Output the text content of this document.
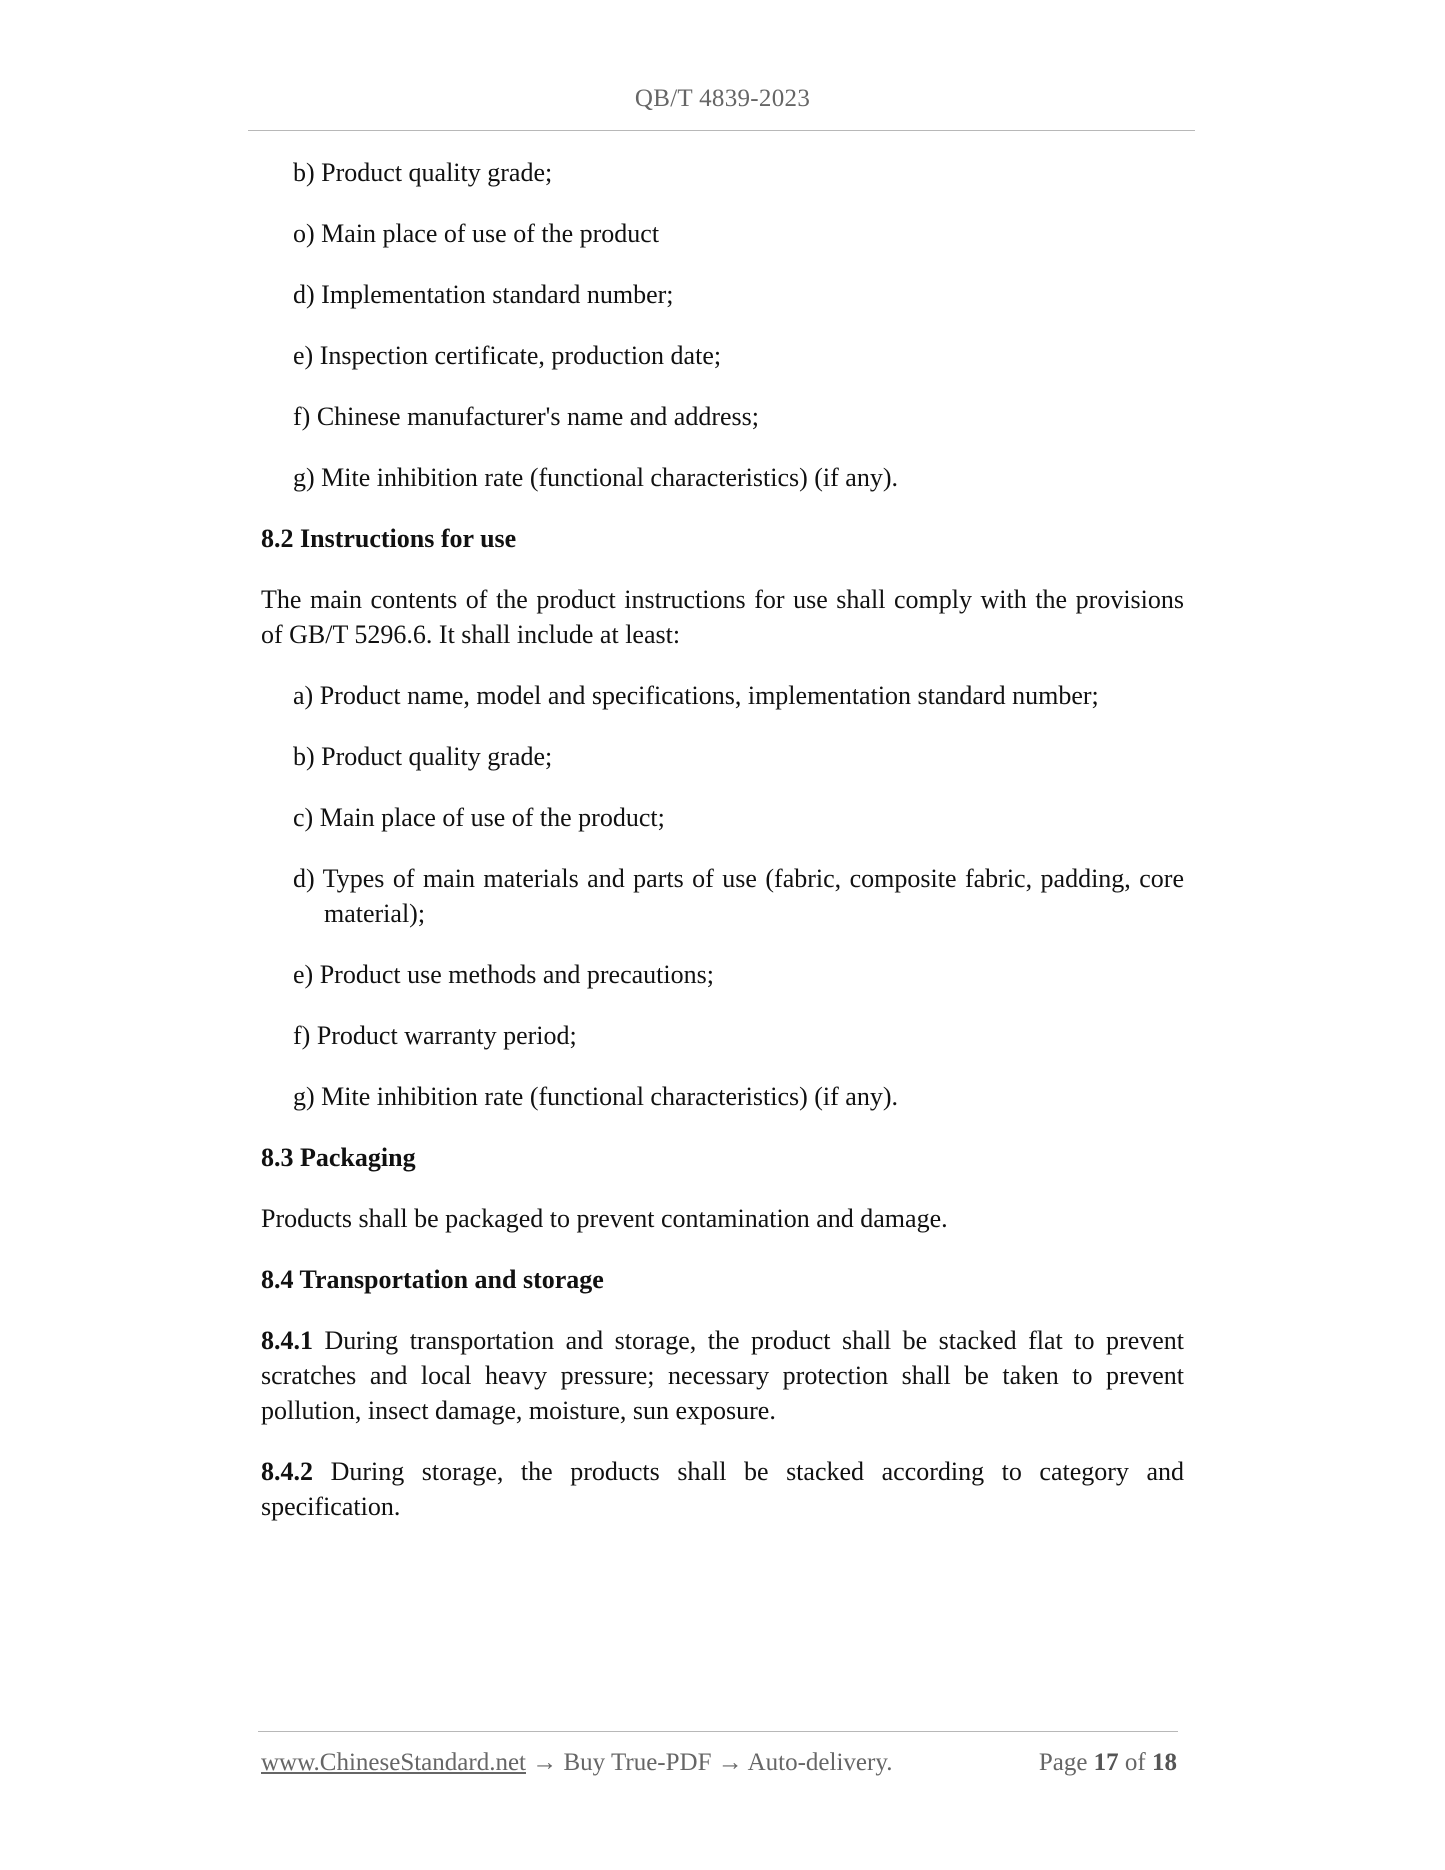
QB/T 4839-2023
b) Product quality grade;
o) Main place of use of the product
d) Implementation standard number;
e) Inspection certificate, production date;
f) Chinese manufacturer's name and address;
g) Mite inhibition rate (functional characteristics) (if any).
8.2 Instructions for use
The main contents of the product instructions for use shall comply with the provisions of GB/T 5296.6. It shall include at least:
a) Product name, model and specifications, implementation standard number;
b) Product quality grade;
c) Main place of use of the product;
d) Types of main materials and parts of use (fabric, composite fabric, padding, core material);
e) Product use methods and precautions;
f) Product warranty period;
g) Mite inhibition rate (functional characteristics) (if any).
8.3 Packaging
Products shall be packaged to prevent contamination and damage.
8.4 Transportation and storage
8.4.1 During transportation and storage, the product shall be stacked flat to prevent scratches and local heavy pressure; necessary protection shall be taken to prevent pollution, insect damage, moisture, sun exposure.
8.4.2 During storage, the products shall be stacked according to category and specification.
www.ChineseStandard.net → Buy True-PDF → Auto-delivery.	Page 17 of 18
